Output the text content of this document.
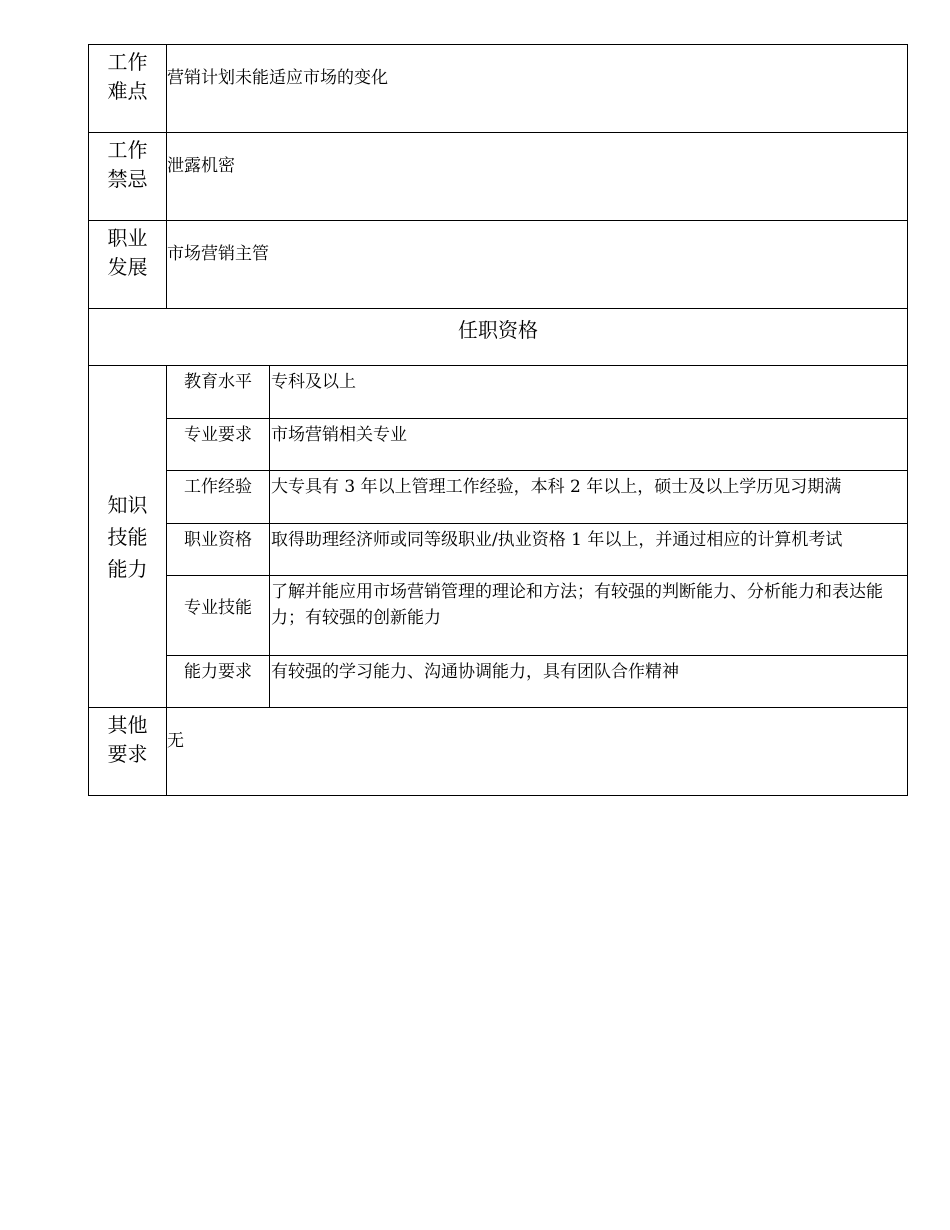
工作
难点	营销计划未能适应市场的变化	

工作
禁忌	泄露机密	

职业
发展	市场营销主管	
任职资格		

知识
技能
能力	教育水平	专科及以上
	专业要求	市场营销相关专业
	工作经验	大专具有 3 年以上管理工作经验，本科 2 年以上，硕士及以上学历见习期满
	职业资格	取得助理经济师或同等级职业/执业资格 1 年以上，并通过相应的计算机考试
	专业技能	了解并能应用市场营销管理的理论和方法；有较强的判断能力、分析能力和表达能力；有较强的创新能力
	能力要求	有较强的学习能力、沟通协调能力，具有团队合作精神

其他
要求	无	
